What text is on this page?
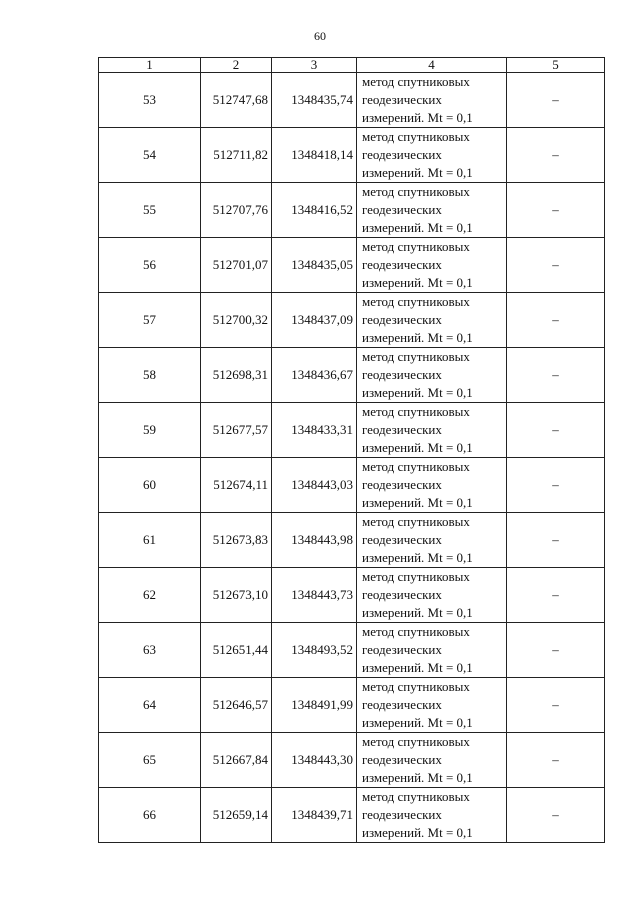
60
1	2	3	4	5
53	512747,68	1348435,74	метод спутниковых
геодезических
измерений. Mt = 0,1	–
54	512711,82	1348418,14	метод спутниковых
геодезических
измерений. Mt = 0,1	–
55	512707,76	1348416,52	метод спутниковых
геодезических
измерений. Mt = 0,1	–
56	512701,07	1348435,05	метод спутниковых
геодезических
измерений. Mt = 0,1	–
57	512700,32	1348437,09	метод спутниковых
геодезических
измерений. Mt = 0,1	–
58	512698,31	1348436,67	метод спутниковых
геодезических
измерений. Mt = 0,1	–
59	512677,57	1348433,31	метод спутниковых
геодезических
измерений. Mt = 0,1	–
60	512674,11	1348443,03	метод спутниковых
геодезических
измерений. Mt = 0,1	–
61	512673,83	1348443,98	метод спутниковых
геодезических
измерений. Mt = 0,1	–
62	512673,10	1348443,73	метод спутниковых
геодезических
измерений. Mt = 0,1	–
63	512651,44	1348493,52	метод спутниковых
геодезических
измерений. Mt = 0,1	–
64	512646,57	1348491,99	метод спутниковых
геодезических
измерений. Mt = 0,1	–
65	512667,84	1348443,30	метод спутниковых
геодезических
измерений. Mt = 0,1	–
66	512659,14	1348439,71	метод спутниковых
геодезических
измерений. Mt = 0,1	–
